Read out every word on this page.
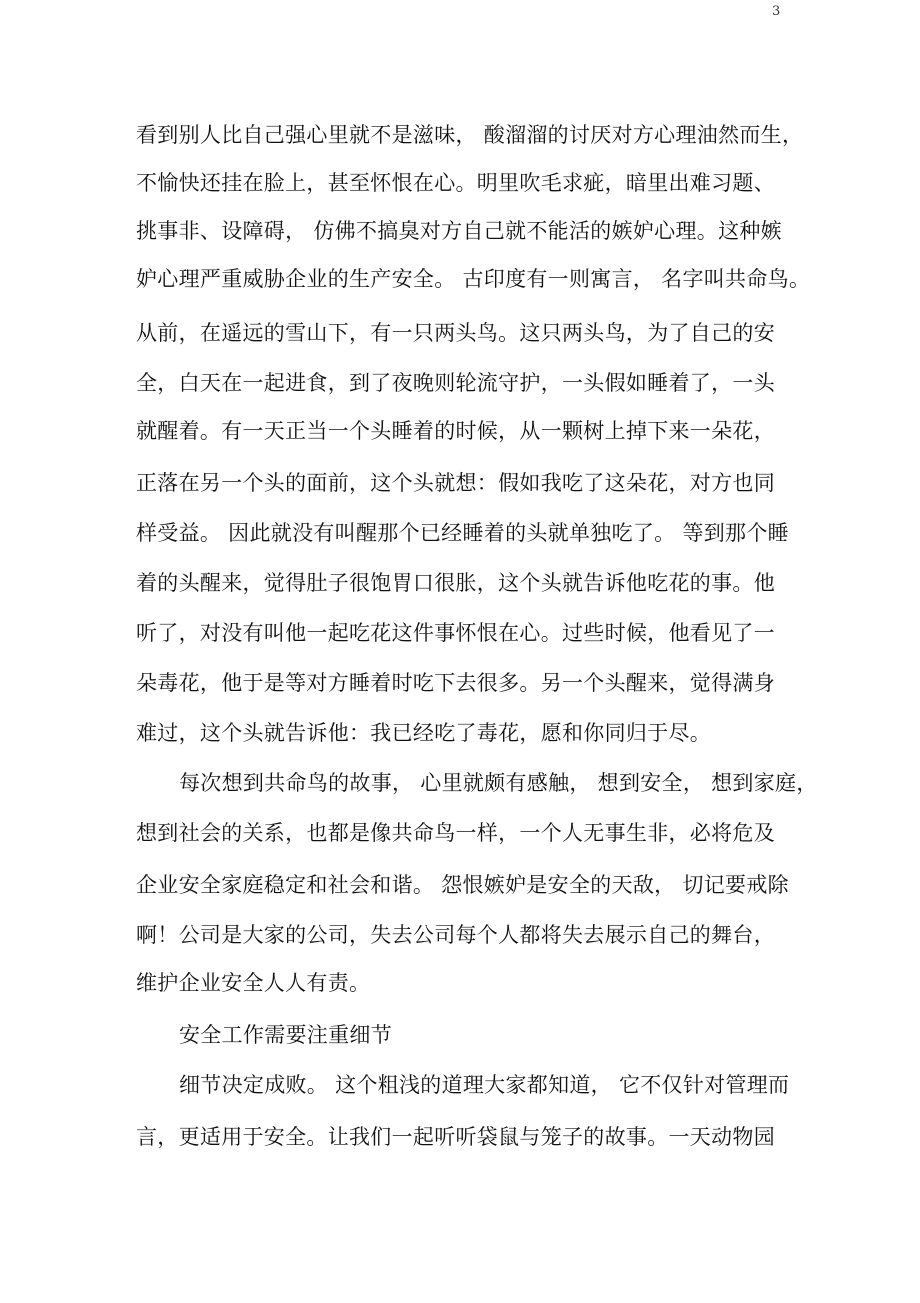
3
看到别人比自己强心里就不是滋味， 酸溜溜的讨厌对方心理油然而生，
不愉快还挂在脸上，甚至怀恨在心。明里吹毛求疵，暗里出难习题、
挑事非、设障碍， 仿佛不搞臭对方自己就不能活的嫉妒心理。这种嫉
妒心理严重威胁企业的生产安全。 古印度有一则寓言， 名字叫共命鸟。
从前，在遥远的雪山下，有一只两头鸟。这只两头鸟，为了自己的安
全，白天在一起进食，到了夜晚则轮流守护，一头假如睡着了，一头
就醒着。有一天正当一个头睡着的时候，从一颗树上掉下来一朵花，
正落在另一个头的面前，这个头就想：假如我吃了这朵花，对方也同
样受益。 因此就没有叫醒那个已经睡着的头就单独吃了。 等到那个睡
着的头醒来，觉得肚子很饱胃口很胀，这个头就告诉他吃花的事。他
听了，对没有叫他一起吃花这件事怀恨在心。过些时候，他看见了一
朵毒花，他于是等对方睡着时吃下去很多。另一个头醒来，觉得满身
难过，这个头就告诉他：我已经吃了毒花，愿和你同归于尽。
每次想到共命鸟的故事， 心里就颇有感触， 想到安全， 想到家庭，
想到社会的关系，也都是像共命鸟一样，一个人无事生非，必将危及
企业安全家庭稳定和社会和谐。 怨恨嫉妒是安全的天敌， 切记要戒除
啊！公司是大家的公司，失去公司每个人都将失去展示自己的舞台，
维护企业安全人人有责。
安全工作需要注重细节
细节决定成败。 这个粗浅的道理大家都知道， 它不仅针对管理而
言，更适用于安全。让我们一起听听袋鼠与笼子的故事。一天动物园
